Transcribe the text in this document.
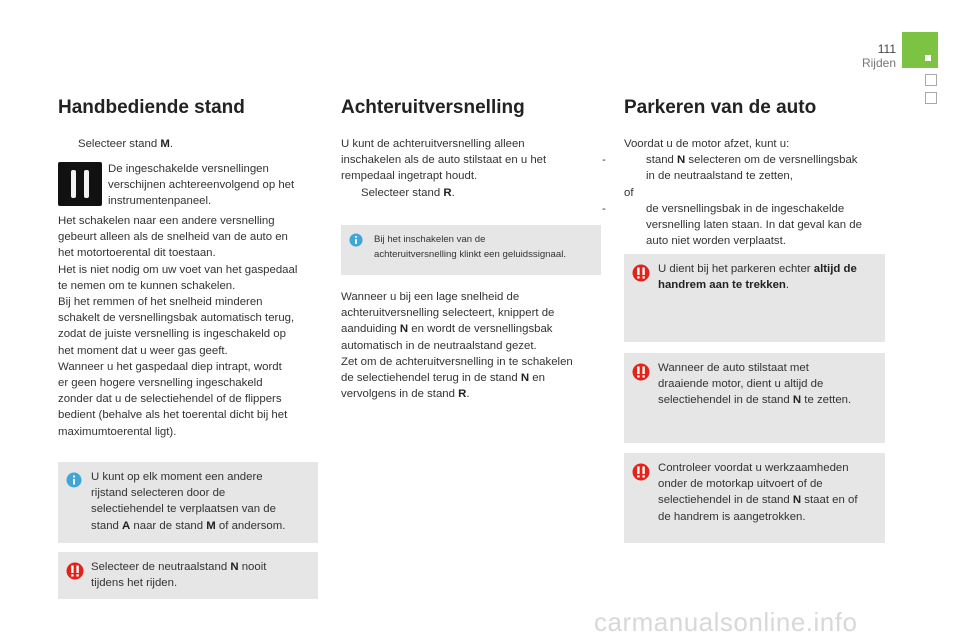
111
Rijden
Handbediende stand
Selecteer stand M.
De ingeschakelde versnellingen
verschijnen achtereenvolgend op het
instrumentenpaneel.
Het schakelen naar een andere versnelling
gebeurt alleen als de snelheid van de auto en
het motortoerental dit toestaan.
Het is niet nodig om uw voet van het gaspedaal
te nemen om te kunnen schakelen.
Bij het remmen of het snelheid minderen
schakelt de versnellingsbak automatisch terug,
zodat de juiste versnelling is ingeschakeld op
het moment dat u weer gas geeft.
Wanneer u het gaspedaal diep intrapt, wordt
er geen hogere versnelling ingeschakeld
zonder dat u de selectiehendel of de flippers
bedient (behalve als het toerental dicht bij het
maximumtoerental ligt).
U kunt op elk moment een andere
rijstand selecteren door de
selectiehendel te verplaatsen van de
stand A naar de stand M of andersom.
Selecteer de neutraalstand N nooit
tijdens het rijden.
Achteruitversnelling
U kunt de achteruitversnelling alleen
inschakelen als de auto stilstaat en u het
rempedaal ingetrapt houdt.
Selecteer stand R.
Bij het inschakelen van de
achteruitversnelling klinkt een geluidssignaal.
Wanneer u bij een lage snelheid de
achteruitversnelling selecteert, knippert de
aanduiding N en wordt de versnellingsbak
automatisch in de neutraalstand gezet.
Zet om de achteruitversnelling in te schakelen
de selectiehendel terug in de stand N en
vervolgens in de stand R.
Parkeren van de auto
Voordat u de motor afzet, kunt u:
-	stand N selecteren om de versnellingsbak
in de neutraalstand te zetten,
of
-	de versnellingsbak in de ingeschakelde
versnelling laten staan. In dat geval kan de
auto niet worden verplaatst.
U dient bij het parkeren echter altijd de
handrem aan te trekken.
Wanneer de auto stilstaat met
draaiende motor, dient u altijd de
selectiehendel in de stand N te zetten.
Controleer voordat u werkzaamheden
onder de motorkap uitvoert of de
selectiehendel in de stand N staat en of
de handrem is aangetrokken.
carmanualsonline.info
